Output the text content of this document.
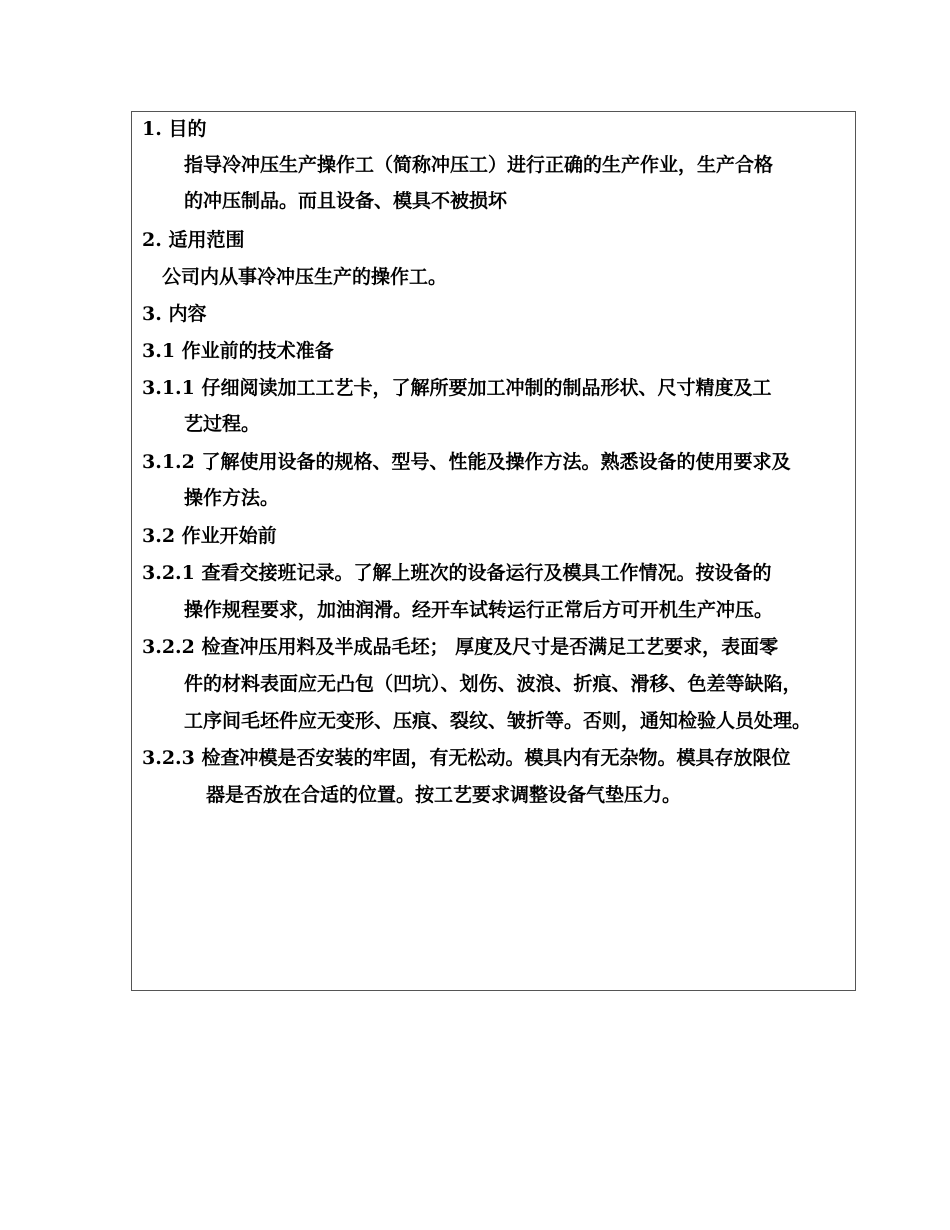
1. 目的
指导冷冲压生产操作工（简称冲压工）进行正确的生产作业，生产合格
的冲压制品。而且设备、模具不被损坏
2. 适用范围
公司内从事冷冲压生产的操作工。
3. 内容
3.1 作业前的技术准备
3.1.1 仔细阅读加工工艺卡，了解所要加工冲制的制品形状、尺寸精度及工
艺过程。
3.1.2 了解使用设备的规格、型号、性能及操作方法。熟悉设备的使用要求及
操作方法。
3.2 作业开始前
3.2.1 查看交接班记录。了解上班次的设备运行及模具工作情况。按设备的
操作规程要求，加油润滑。经开车试转运行正常后方可开机生产冲压。
3.2.2 检查冲压用料及半成品毛坯； 厚度及尺寸是否满足工艺要求，表面零
件的材料表面应无凸包（凹坑）、划伤、波浪、折痕、滑移、色差等缺陷，
工序间毛坯件应无变形、压痕、裂纹、皱折等。否则，通知检验人员处理。
3.2.3 检查冲模是否安装的牢固，有无松动。模具内有无杂物。模具存放限位
器是否放在合适的位置。按工艺要求调整设备气垫压力。
